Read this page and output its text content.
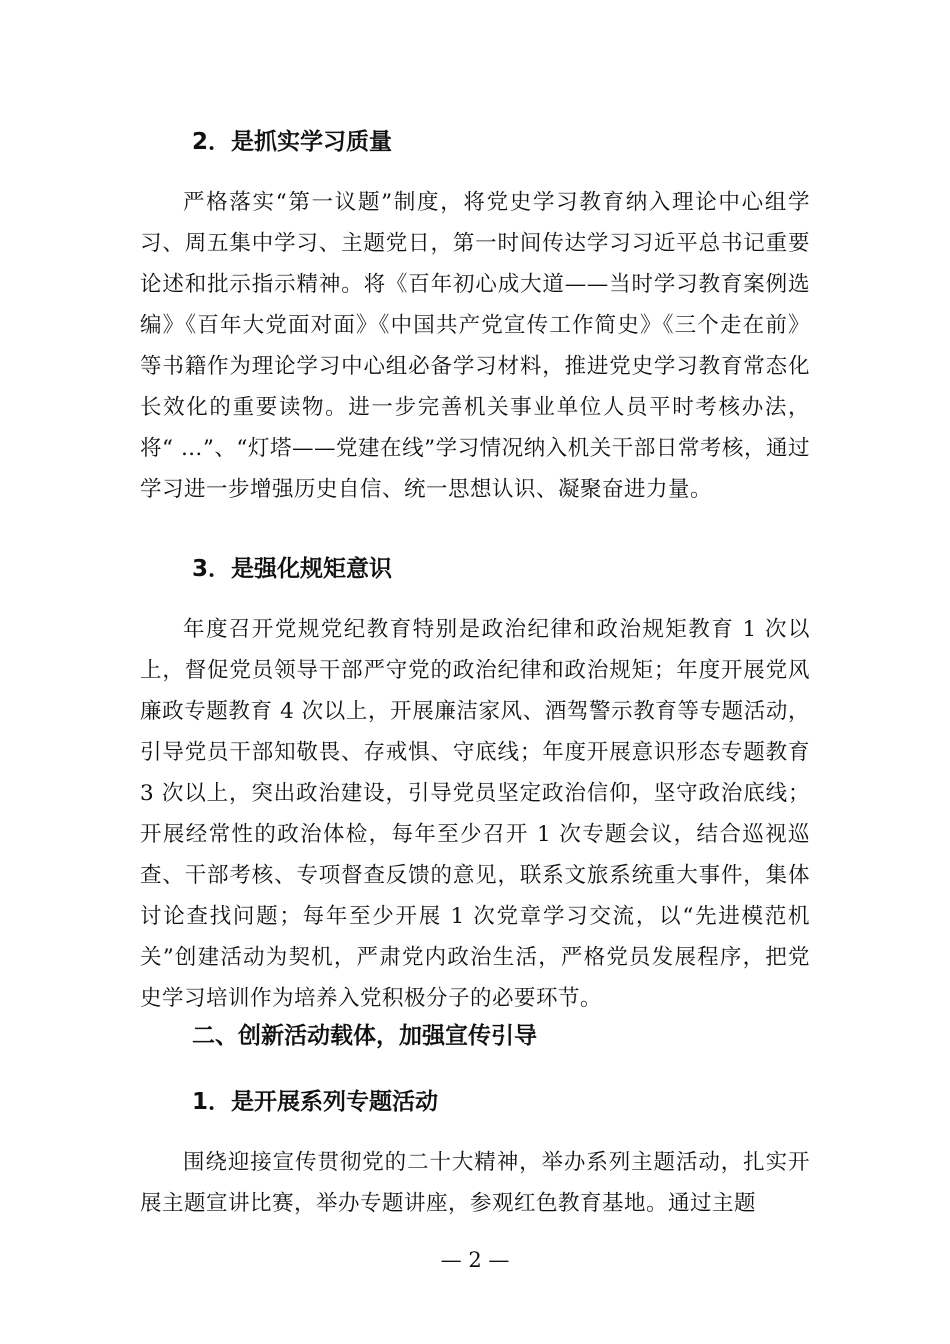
2．是抓实学习质量

严格落实“第一议题”制度，将党史学习教育纳入理论中心组学习、周五集中学习、主题党日，第一时间传达学习习近平总书记重要论述和批示指示精神。将《百年初心成大道——当时学习教育案例选编》《百年大党面对面》《中国共产党宣传工作简史》《三个走在前》等书籍作为理论学习中心组必备学习材料，推进党史学习教育常态化长效化的重要读物。进一步完善机关事业单位人员平时考核办法，将“ …”、“灯塔——党建在线”学习情况纳入机关干部日常考核，通过学习进一步增强历史自信、统一思想认识、凝聚奋进力量。

3．是强化规矩意识

年度召开党规党纪教育特别是政治纪律和政治规矩教育 1 次以上，督促党员领导干部严守党的政治纪律和政治规矩；年度开展党风廉政专题教育 4 次以上，开展廉洁家风、酒驾警示教育等专题活动，引导党员干部知敬畏、存戒惧、守底线；年度开展意识形态专题教育 3 次以上，突出政治建设，引导党员坚定政治信仰，坚守政治底线；开展经常性的政治体检，每年至少召开 1 次专题会议，结合巡视巡查、干部考核、专项督查反馈的意见，联系文旅系统重大事件，集体讨论查找问题；每年至少开展 1 次党章学习交流，以“先进模范机关”创建活动为契机，严肃党内政治生活，严格党员发展程序，把党史学习培训作为培养入党积极分子的必要环节。

二、创新活动载体，加强宣传引导
1．是开展系列专题活动

围绕迎接宣传贯彻党的二十大精神，举办系列主题活动，扎实开展主题宣讲比赛，举办专题讲座，参观红色教育基地。通过主题

— 2 —
